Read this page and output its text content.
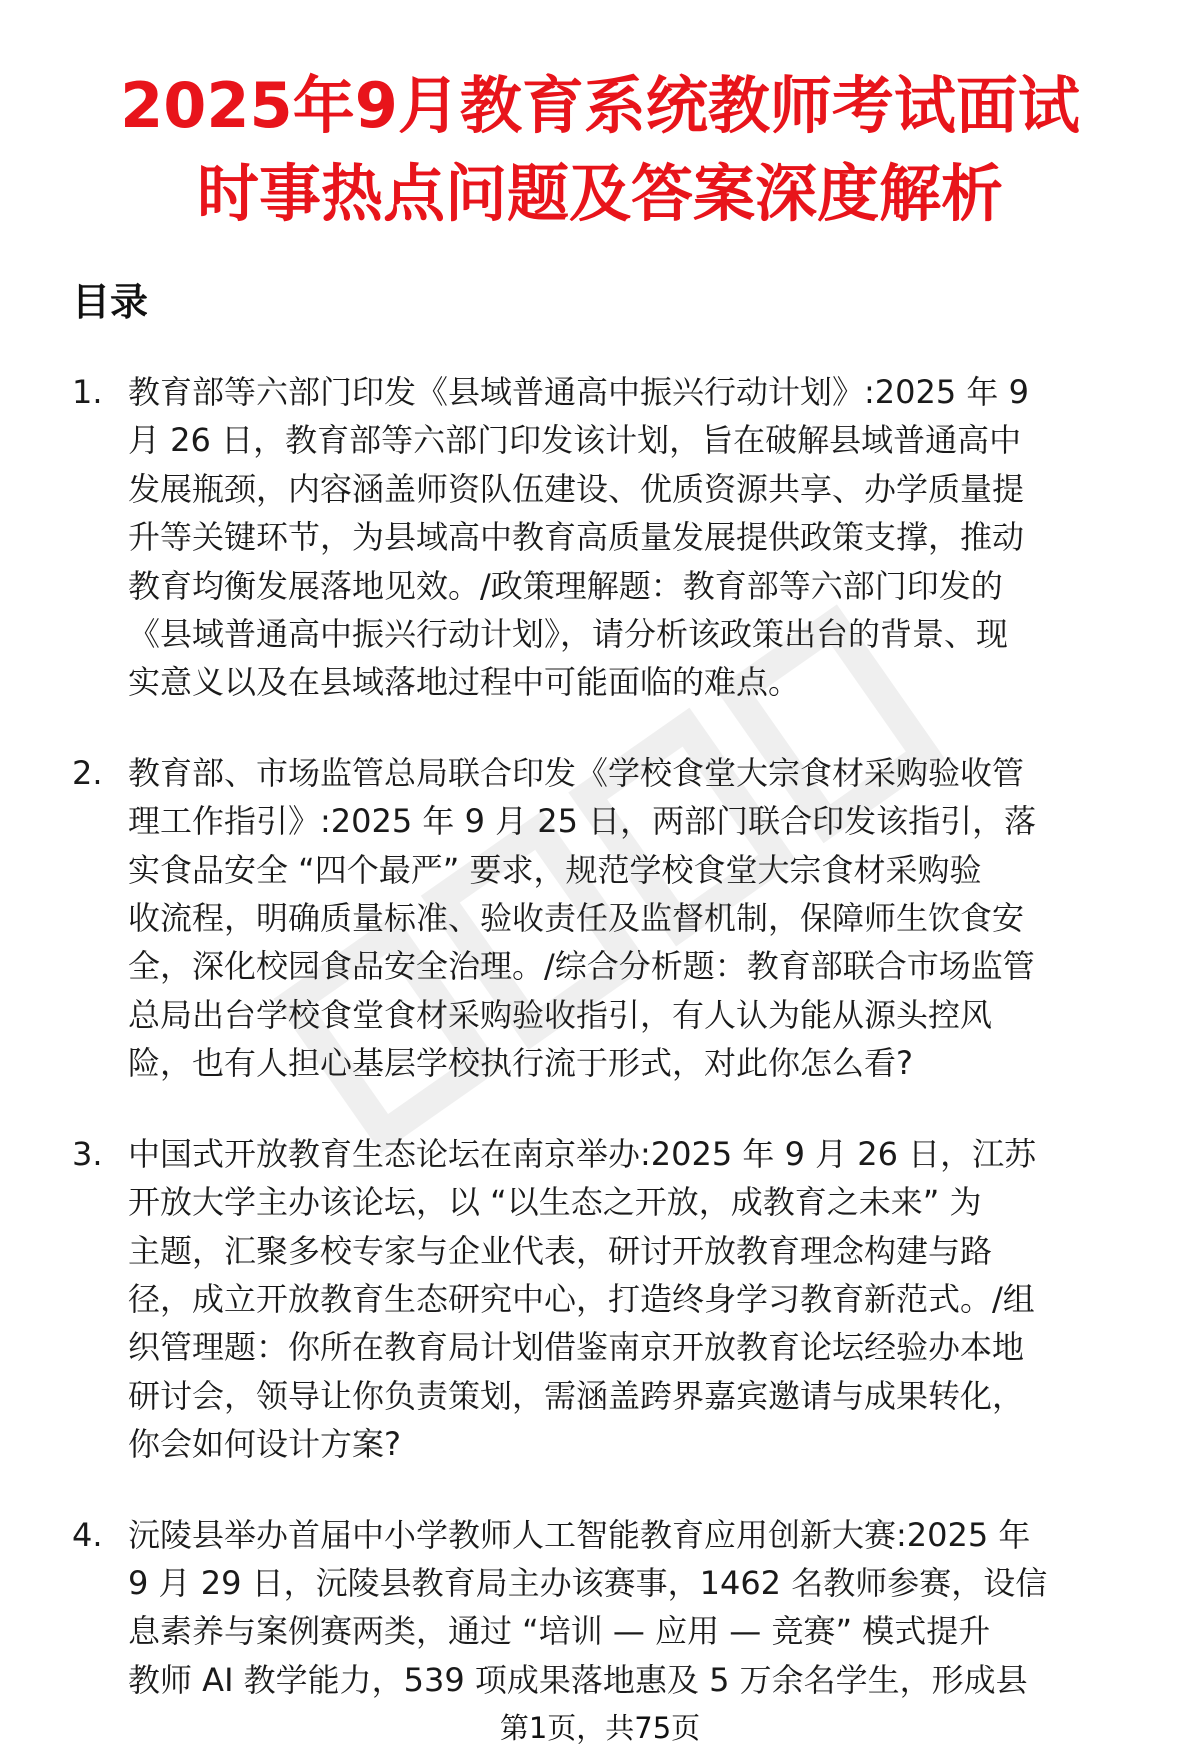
2025年9月教育系统教师考试面试
时事热点问题及答案深度解析
目录
1. 教育部等六部门印发《县域普通高中振兴行动计划》:2025 年 9
月 26 日，教育部等六部门印发该计划，旨在破解县域普通高中
发展瓶颈，内容涵盖师资队伍建设、优质资源共享、办学质量提
升等关键环节，为县域高中教育高质量发展提供政策支撑，推动
教育均衡发展落地见效。/政策理解题：教育部等六部门印发的
《县域普通高中振兴行动计划》，请分析该政策出台的背景、现
实意义以及在县域落地过程中可能面临的难点。
2. 教育部、市场监管总局联合印发《学校食堂大宗食材采购验收管
理工作指引》:2025 年 9 月 25 日，两部门联合印发该指引，落
实食品安全 “四个最严” 要求，规范学校食堂大宗食材采购验
收流程，明确质量标准、验收责任及监督机制，保障师生饮食安
全，深化校园食品安全治理。/综合分析题：教育部联合市场监管
总局出台学校食堂食材采购验收指引，有人认为能从源头控风
险，也有人担心基层学校执行流于形式，对此你怎么看?
3. 中国式开放教育生态论坛在南京举办:2025 年 9 月 26 日，江苏
开放大学主办该论坛，以 “以生态之开放，成教育之未来” 为
主题，汇聚多校专家与企业代表，研讨开放教育理念构建与路
径，成立开放教育生态研究中心，打造终身学习教育新范式。/组
织管理题：你所在教育局计划借鉴南京开放教育论坛经验办本地
研讨会，领导让你负责策划，需涵盖跨界嘉宾邀请与成果转化，
你会如何设计方案?
4. 沅陵县举办首届中小学教师人工智能教育应用创新大赛:2025 年
9 月 29 日，沅陵县教育局主办该赛事，1462 名教师参赛，设信
息素养与案例赛两类，通过 “培训 — 应用 — 竞赛” 模式提升
教师 AI 教学能力，539 项成果落地惠及 5 万余名学生，形成县
第1页，共75页
